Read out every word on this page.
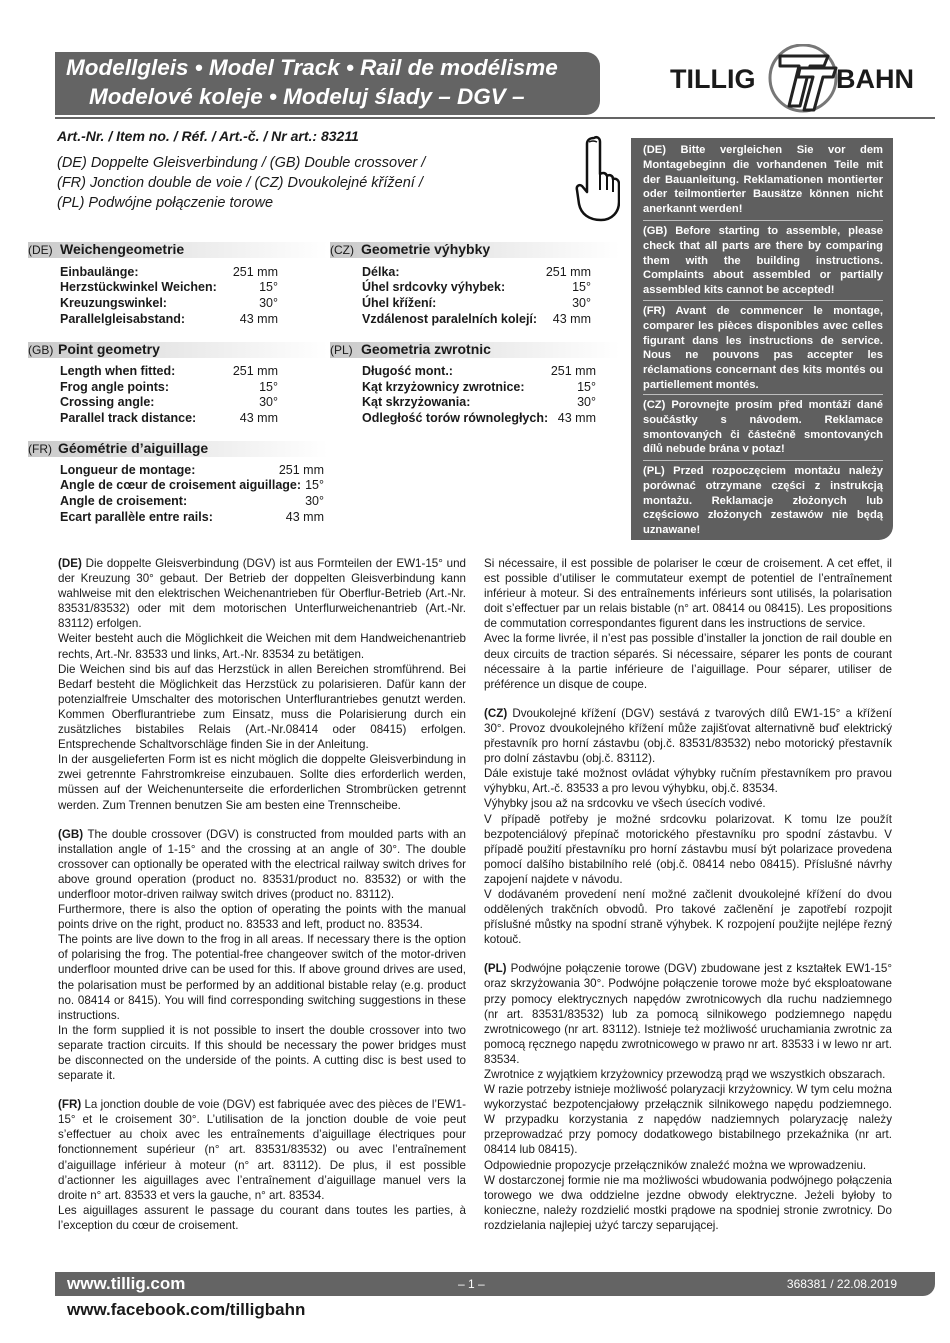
Modellgleis • Model Track • Rail de modélisme
Modelové koleje • Modeluj ślady – DGV –
TILLIG	BAHN
Art.-Nr. / Item no. / Réf. / Art.-č. / Nr art.: 83211
(DE) Doppelte Gleisverbindung / (GB) Double crossover /
(FR) Jonction double de voie / (CZ) Dvoukolejné křížení /
(PL) Podwójne połączenie torowe
(DE) Bitte vergleichen Sie vor dem Montagebeginn die vorhandenen Teile mit der Bauanleitung. Reklamationen montierter oder teilmontierter Bausätze können nicht anerkannt werden!
(GB) Before starting to assemble, please check that all parts are there by comparing them with the building instructions. Complaints about assembled or partially assembled kits cannot be accepted!
(FR) Avant de commencer le montage, comparer les pièces disponibles avec celles figurant dans les instructions de service. Nous ne pouvons pas accepter les réclamations concernant des kits montés ou partiellement montés.
(CZ) Porovnejte prosím před montáží dané součástky s návodem. Reklamace smontovaných či částečně smontovaných dílů nebude brána v potaz!
(PL) Przed rozpoczęciem montażu należy porównać otrzymane części z instrukcją montażu. Reklamacje złożonych lub częściowo złożonych zestawów nie będą uznawane!
(DE) Weichengeometrie
Einbaulänge:	251 mm
Herzstückwinkel Weichen:	15°
Kreuzungswinkel:	30°
Parallelgleisabstand:	43 mm
(GB) Point geometry
Length when fitted:	251 mm
Frog angle points:	15°
Crossing angle:	30°
Parallel track distance:	43 mm
(FR) Géométrie d’aiguillage
Longueur de montage:	251 mm
Angle de cœur de croisement aiguillage: 15°
Angle de croisement:	30°
Ecart parallèle entre rails:	43 mm
(CZ) Geometrie výhybky
Délka:	251 mm
Úhel srdcovky výhybek:	15°
Úhel křížení:	30°
Vzdálenost paralelních kolejí:	43 mm
(PL) Geometria zwrotnic
Długość mont.:	251 mm
Kąt krzyżownicy zwrotnice:	15°
Kąt skrzyżowania:	30°
Odległość torów równoległych: 43 mm

(DE) Die doppelte Gleisverbindung (DGV) ist aus Formteilen der EW1-15° und der Kreuzung 30° gebaut. Der Betrieb der doppelten Gleisverbindung kann wahlweise mit den elektrischen Weichenantrieben für Oberflur-Betrieb (Art.-Nr. 83531/83532) oder mit dem motorischen Unterflurweichenantrieb (Art.-Nr. 83112) erfolgen.
Weiter besteht auch die Möglichkeit die Weichen mit dem Handweichenantrieb rechts, Art.-Nr. 83533 und links, Art.-Nr. 83534 zu betätigen.
Die Weichen sind bis auf das Herzstück in allen Bereichen stromführend. Bei Bedarf besteht die Möglichkeit das Herzstück zu polarisieren. Dafür kann der potenzialfreie Umschalter des motorischen Unterflurantriebes genutzt werden. Kommen Oberflurantriebe zum Einsatz, muss die Polarisierung durch ein zusätzliches bistabiles Relais (Art.-Nr.08414 oder 08415) erfolgen. Entsprechende Schaltvorschläge finden Sie in der Anleitung.
In der ausgelieferten Form ist es nicht möglich die doppelte Gleisverbindung in zwei getrennte Fahrstromkreise einzubauen. Sollte dies erforderlich werden, müssen auf der Weichenunterseite die erforderlichen Strombrücken getrennt werden. Zum Trennen benutzen Sie am besten eine Trennscheibe.

(GB) The double crossover (DGV) is constructed from moulded parts with an installation angle of 1-15° and the crossing at an angle of 30°. The double crossover can optionally be operated with the electrical railway switch drives for above ground operation (product no. 83531/product no. 83532) or with the underfloor motor-driven railway switch drives (product no. 83112).
Furthermore, there is also the option of operating the points with the manual points drive on the right, product no. 83533 and left, product no. 83534.
The points are live down to the frog in all areas. If necessary there is the option of polarising the frog. The potential-free changeover switch of the motor-driven underfloor mounted drive can be used for this. If above ground drives are used, the polarisation must be performed by an additional bistable relay (e.g. product no. 08414 or 8415). You will find corresponding switching suggestions in these instructions.
In the form supplied it is not possible to insert the double crossover into two separate traction circuits. If this should be necessary the power bridges must be disconnected on the underside of the points. A cutting disc is best used to separate it.

(FR) La jonction double de voie (DGV) est fabriquée avec des pièces de l’EW1-15° et le croisement 30°. L’utilisation de la jonction double de voie peut s’effectuer au choix avec les entraînements d’aiguillage électriques pour fonctionnement supérieur (n° art. 83531/83532) ou avec l’entraînement d’aiguillage inférieur à moteur (n° art. 83112). De plus, il est possible d’actionner les aiguillages avec l’entraînement d’aiguillage manuel vers la droite n° art. 83533 et vers la gauche, n° art. 83534.
Les aiguillages assurent le passage du courant dans toutes les parties, à l’exception du cœur de croisement.

Si nécessaire, il est possible de polariser le cœur de croisement. A cet effet, il est possible d’utiliser le commutateur exempt de potentiel de l’entraînement inférieur à moteur. Si des entraînements inférieurs sont utilisés, la polarisation doit s’effectuer par un relais bistable (n° art. 08414 ou 08415). Les propositions de commutation correspondantes figurent dans les instructions de service.
Avec la forme livrée, il n’est pas possible d’installer la jonction de rail double en deux circuits de traction séparés. Si nécessaire, séparer les ponts de courant nécessaire à la partie inférieure de l’aiguillage. Pour séparer, utiliser de préférence un disque de coupe.

(CZ) Dvoukolejné křížení (DGV) sestává z tvarových dílů EW1-15° a křížení 30°. Provoz dvoukolejného křížení může zajišťovat alternativně buď elektrický přestavník pro horní zástavbu (obj.č. 83531/83532) nebo motorický přestavník pro dolní zástavbu (obj.č. 83112).
Dále existuje také možnost ovládat výhybky ručním přestavníkem pro pravou výhybku, Art.-č. 83533 a pro levou výhybku, obj.č. 83534.
Výhybky jsou až na srdcovku ve všech úsecích vodivé.
V případě potřeby je možné srdcovku polarizovat. K tomu lze použít bezpotenciálový přepínač motorického přestavníku pro spodní zástavbu. V případě použití přestavníku pro horní zástavbu musí být polarizace provedena pomocí dalšího bistabilního relé (obj.č. 08414 nebo 08415). Příslušné návrhy zapojení najdete v návodu.
V dodávaném provedení není možné začlenit dvoukolejné křížení do dvou oddělených trakčních obvodů. Pro takové začlenění je zapotřebí rozpojit příslušné můstky na spodní straně výhybek. K rozpojení použijte nejlépe řezný kotouč.

(PL) Podwójne połączenie torowe (DGV) zbudowane jest z kształtek EW1-15° oraz skrzyżowania 30°. Podwójne połączenie torowe może być eksploatowane przy pomocy elektrycznych napędów zwrotnicowych dla ruchu nadziemnego (nr art. 83531/83532) lub za pomocą silnikowego podziemnego napędu zwrotnicowego (nr art. 83112). Istnieje też możliwość uruchamiania zwrotnic za pomocą ręcznego napędu zwrotnicowego w prawo nr art. 83533 i w lewo nr art. 83534.
Zwrotnice z wyjątkiem krzyżownicy przewodzą prąd we wszystkich obszarach.
W razie potrzeby istnieje możliwość polaryzacji krzyżownicy. W tym celu można wykorzystać bezpotencjałowy przełącznik silnikowego napędu podziemnego. W przypadku korzystania z napędów nadziemnych polaryzację należy przeprowadzać przy pomocy dodatkowego bistabilnego przekaźnika (nr art. 08414 lub 08415).
Odpowiednie propozycje przełączników znaleźć można we wprowadzeniu.
W dostarczonej formie nie ma możliwości wbudowania podwójnego połączenia torowego we dwa oddzielne jezdne obwody elektryczne. Jeżeli byłoby to konieczne, należy rozdzielić mostki prądowe na spodniej stronie zwrotnicy. Do rozdzielania najlepiej użyć tarczy separującej.

www.tillig.com	– 1 –	368381 / 22.08.2019
www.facebook.com/tilligbahn
